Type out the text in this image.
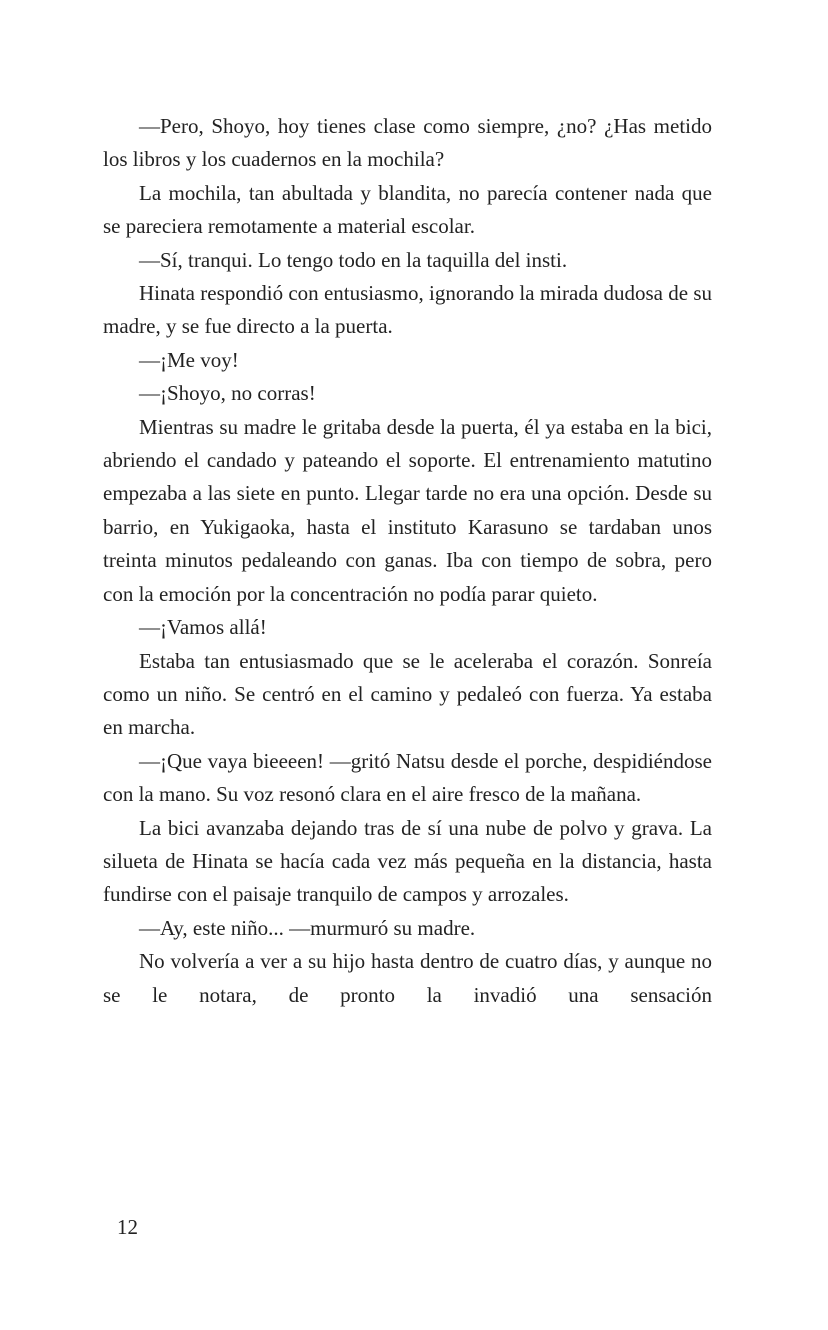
—Pero, Shoyo, hoy tienes clase como siempre, ¿no? ¿Has metido los libros y los cuadernos en la mochila?

La mochila, tan abultada y blandita, no parecía contener nada que se pareciera remotamente a material escolar.

—Sí, tranqui. Lo tengo todo en la taquilla del insti.

Hinata respondió con entusiasmo, ignorando la mirada dudosa de su madre, y se fue directo a la puerta.

—¡Me voy!

—¡Shoyo, no corras!

Mientras su madre le gritaba desde la puerta, él ya estaba en la bici, abriendo el candado y pateando el soporte. El entrenamiento matutino empezaba a las siete en punto. Llegar tarde no era una opción. Desde su barrio, en Yukigaoka, hasta el instituto Karasuno se tardaban unos treinta minutos pedaleando con ganas. Iba con tiempo de sobra, pero con la emoción por la concentración no podía parar quieto.

—¡Vamos allá!

Estaba tan entusiasmado que se le aceleraba el corazón. Sonreía como un niño. Se centró en el camino y pedaleó con fuerza. Ya estaba en marcha.

—¡Que vaya bieeeen! —gritó Natsu desde el porche, despidiéndose con la mano. Su voz resonó clara en el aire fresco de la mañana.

La bici avanzaba dejando tras de sí una nube de polvo y grava. La silueta de Hinata se hacía cada vez más pequeña en la distancia, hasta fundirse con el paisaje tranquilo de campos y arrozales.

—Ay, este niño... —murmuró su madre.

No volvería a ver a su hijo hasta dentro de cuatro días, y aunque no se le notara, de pronto la invadió una sensación

12
